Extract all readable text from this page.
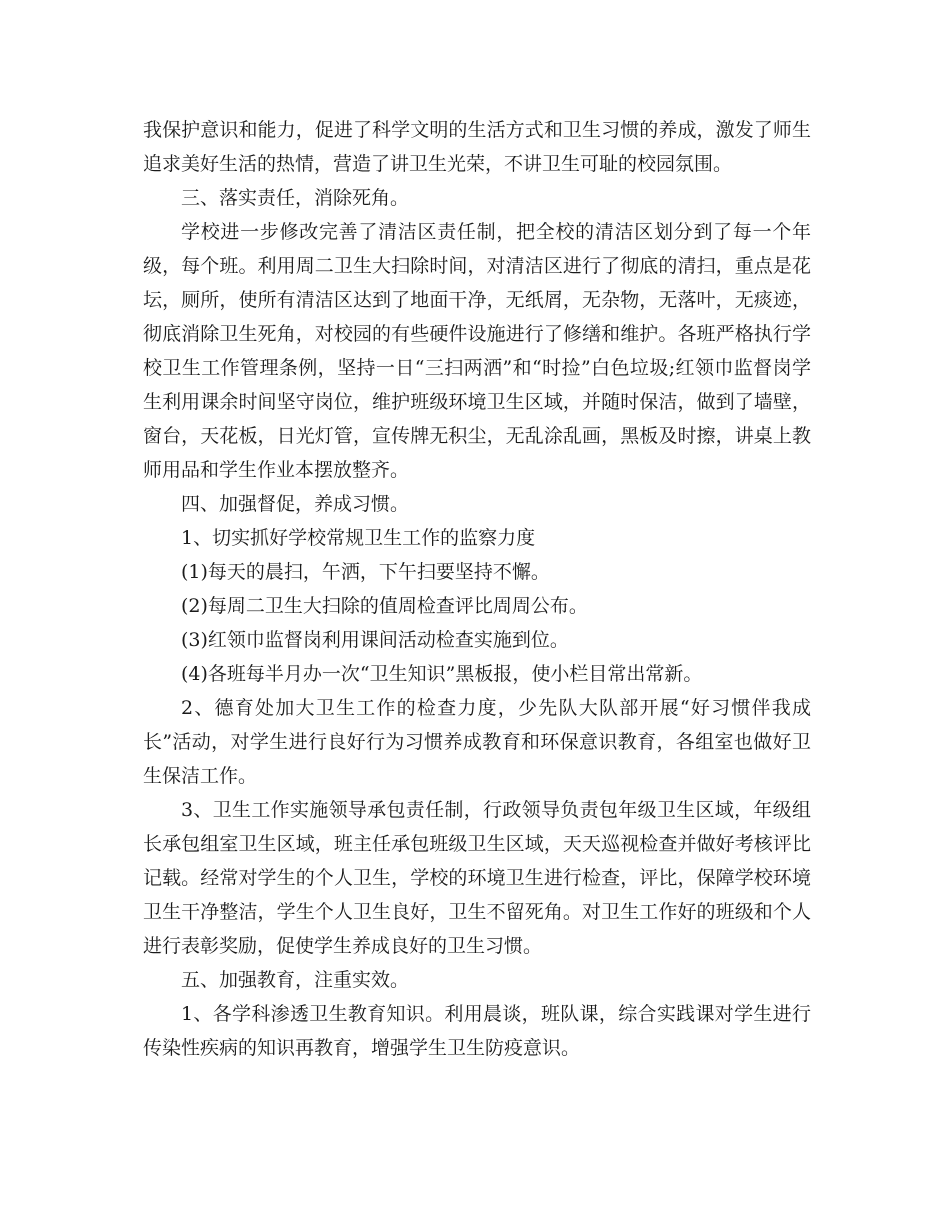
我保护意识和能力，促进了科学文明的生活方式和卫生习惯的养成，激发了师生追求美好生活的热情，营造了讲卫生光荣，不讲卫生可耻的校园氛围。

三、落实责任，消除死角。

学校进一步修改完善了清洁区责任制，把全校的清洁区划分到了每一个年级，每个班。利用周二卫生大扫除时间，对清洁区进行了彻底的清扫，重点是花坛，厕所，使所有清洁区达到了地面干净，无纸屑，无杂物，无落叶，无痰迹，彻底消除卫生死角，对校园的有些硬件设施进行了修缮和维护。各班严格执行学校卫生工作管理条例，坚持一日“三扫两洒”和“时捡”白色垃圾;红领巾监督岗学生利用课余时间坚守岗位，维护班级环境卫生区域，并随时保洁，做到了墙壁，窗台，天花板，日光灯管，宣传牌无积尘，无乱涂乱画，黑板及时擦，讲桌上教师用品和学生作业本摆放整齐。

四、加强督促，养成习惯。

1、切实抓好学校常规卫生工作的监察力度

(1)每天的晨扫，午洒，下午扫要坚持不懈。

(2)每周二卫生大扫除的值周检查评比周周公布。

(3)红领巾监督岗利用课间活动检查实施到位。

(4)各班每半月办一次“卫生知识”黑板报，使小栏目常出常新。

2、德育处加大卫生工作的检查力度，少先队大队部开展“好习惯伴我成长”活动，对学生进行良好行为习惯养成教育和环保意识教育，各组室也做好卫生保洁工作。

3、卫生工作实施领导承包责任制，行政领导负责包年级卫生区域，年级组长承包组室卫生区域，班主任承包班级卫生区域，天天巡视检查并做好考核评比记载。经常对学生的个人卫生，学校的环境卫生进行检查，评比，保障学校环境卫生干净整洁，学生个人卫生良好，卫生不留死角。对卫生工作好的班级和个人进行表彰奖励，促使学生养成良好的卫生习惯。

五、加强教育，注重实效。

1、各学科渗透卫生教育知识。利用晨谈，班队课，综合实践课对学生进行传染性疾病的知识再教育，增强学生卫生防疫意识。
